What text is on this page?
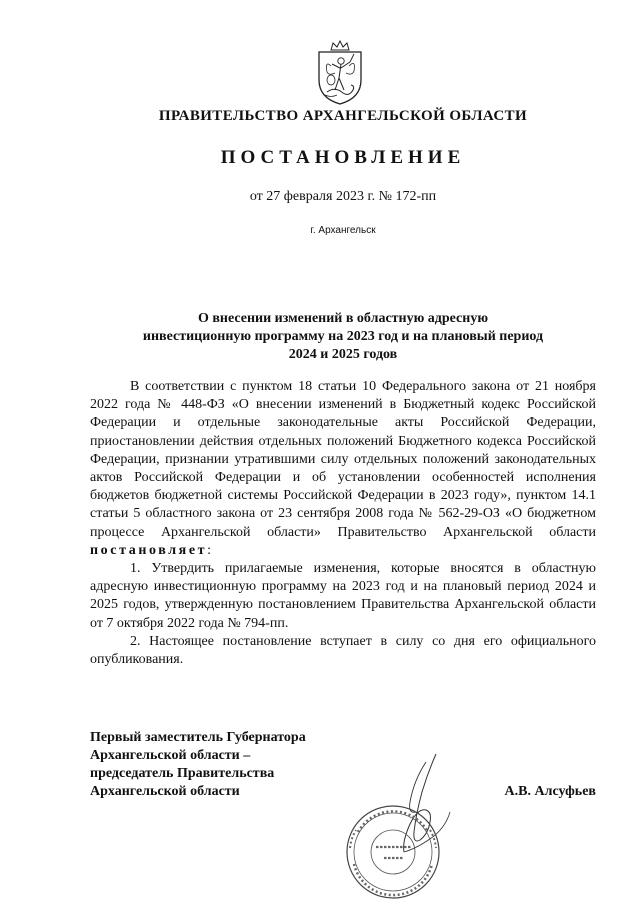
ПРАВИТЕЛЬСТВО АРХАНГЕЛЬСКОЙ ОБЛАСТИ
ПОСТАНОВЛЕНИЕ
от 27 февраля 2023 г. № 172-пп
г. Архангельск
О внесении изменений в областную адресную
инвестиционную программу на 2023 год и на плановый период
2024 и 2025 годов

В соответствии с пунктом 18 статьи 10 Федерального закона от 21 ноября 2022 года № 448-ФЗ «О внесении изменений в Бюджетный кодекс Российской Федерации и отдельные законодательные акты Российской Федерации, приостановлении действия отдельных положений Бюджетного кодекса Российской Федерации, признании утратившими силу отдельных положений законодательных актов Российской Федерации и об установлении особенностей исполнения бюджетов бюджетной системы Российской Федерации в 2023 году», пунктом 14.1 статьи 5 областного закона от 23 сентября 2008 года № 562-29-ОЗ «О бюджетном процессе Архангельской области» Правительство Архангельской области постановляет:

1. Утвердить прилагаемые изменения, которые вносятся в областную адресную инвестиционную программу на 2023 год и на плановый период 2024 и 2025 годов, утвержденную постановлением Правительства Архангельской области от 7 октября 2022 года № 794-пп.

2. Настоящее постановление вступает в силу со дня его официального опубликования.

Первый заместитель Губернатора
Архангельской области –
председатель Правительства
Архангельской области	А.В. Алсуфьев
